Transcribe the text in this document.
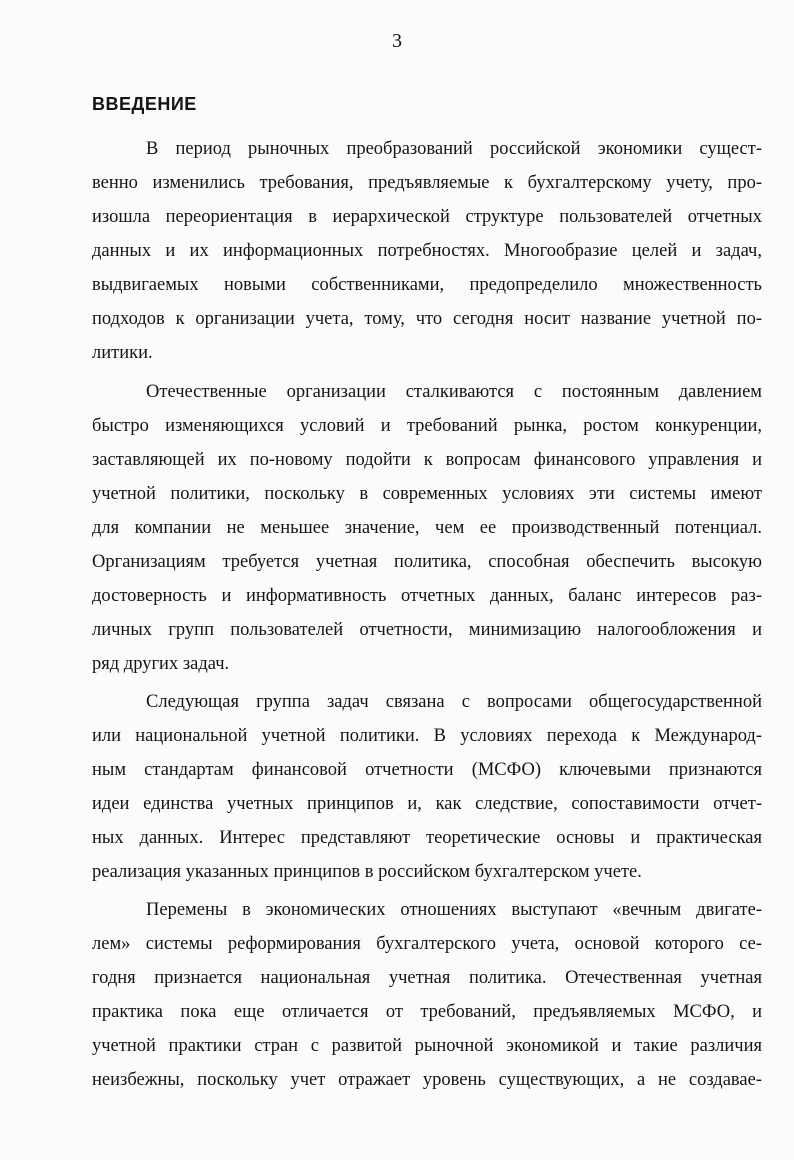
3
ВВЕДЕНИЕ
В период рыночных преобразований российской экономики сущест-
венно изменились требования, предъявляемые к бухгалтерскому учету, про-
изошла переориентация в иерархической структуре пользователей отчетных
данных и их информационных потребностях. Многообразие целей и задач,
выдвигаемых новыми собственниками, предопределило множественность
подходов к организации учета, тому, что сегодня носит название учетной по-
литики.
Отечественные организации сталкиваются с постоянным давлением
быстро изменяющихся условий и требований рынка, ростом конкуренции,
заставляющей их по-новому подойти к вопросам финансового управления и
учетной политики, поскольку в современных условиях эти системы имеют
для компании не меньшее значение, чем ее производственный потенциал.
Организациям требуется учетная политика, способная обеспечить высокую
достоверность и информативность отчетных данных, баланс интересов раз-
личных групп пользователей отчетности, минимизацию налогообложения и
ряд других задач.
Следующая группа задач связана с вопросами общегосударственной
или национальной учетной политики. В условиях перехода к Международ-
ным стандартам финансовой отчетности (МСФО) ключевыми признаются
идеи единства учетных принципов и, как следствие, сопоставимости отчет-
ных данных. Интерес представляют теоретические основы и практическая
реализация указанных принципов в российском бухгалтерском учете.
Перемены в экономических отношениях выступают «вечным двигате-
лем» системы реформирования бухгалтерского учета, основой которого се-
годня признается национальная учетная политика. Отечественная учетная
практика пока еще отличается от требований, предъявляемых МСФО, и
учетной практики стран с развитой рыночной экономикой и такие различия
неизбежны, поскольку учет отражает уровень существующих, а не создавае-
